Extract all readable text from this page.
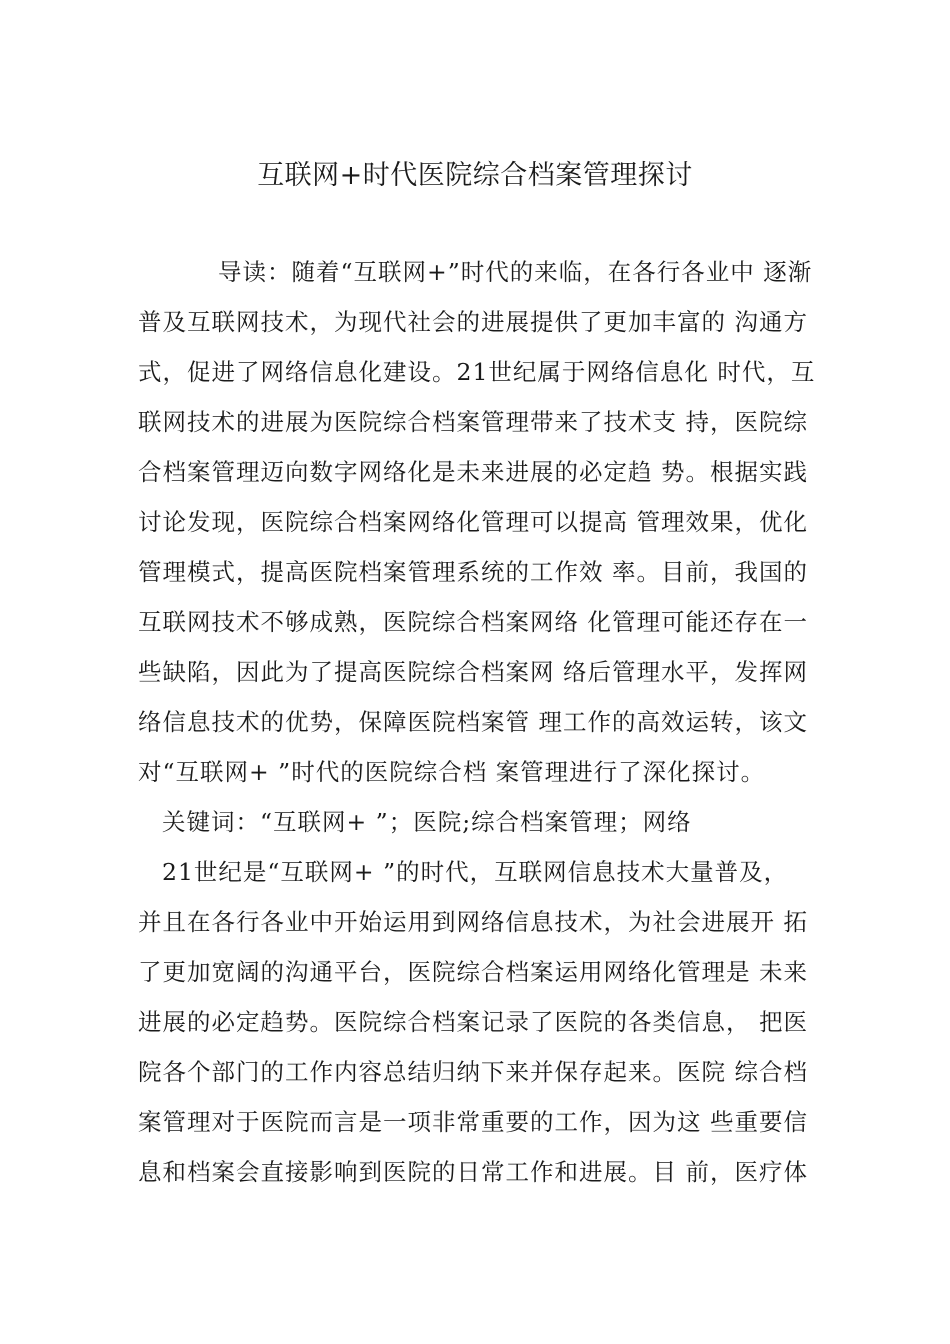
互联网+时代医院综合档案管理探讨
导读：随着“互联网+”时代的来临，在各行各业中 逐渐
普及互联网技术，为现代社会的进展提供了更加丰富的 沟通方
式，促进了网络信息化建设。21世纪属于网络信息化 时代，互
联网技术的进展为医院综合档案管理带来了技术支 持，医院综
合档案管理迈向数字网络化是未来进展的必定趋 势。根据实践
讨论发现，医院综合档案网络化管理可以提高 管理效果，优化
管理模式，提高医院档案管理系统的工作效 率。目前，我国的
互联网技术不够成熟，医院综合档案网络 化管理可能还存在一
些缺陷，因此为了提高医院综合档案网 络后管理水平，发挥网
络信息技术的优势，保障医院档案管 理工作的高效运转，该文
对“互联网+ ”时代的医院综合档 案管理进行了深化探讨。
关键词：“互联网+ ”；医院;综合档案管理；网络
21世纪是“互联网+ ”的时代，互联网信息技术大量普及，
并且在各行各业中开始运用到网络信息技术，为社会进展开 拓
了更加宽阔的沟通平台，医院综合档案运用网络化管理是 未来
进展的必定趋势。医院综合档案记录了医院的各类信息， 把医
院各个部门的工作内容总结归纳下来并保存起来。医院 综合档
案管理对于医院而言是一项非常重要的工作，因为这 些重要信
息和档案会直接影响到医院的日常工作和进展。目 前，医疗体
